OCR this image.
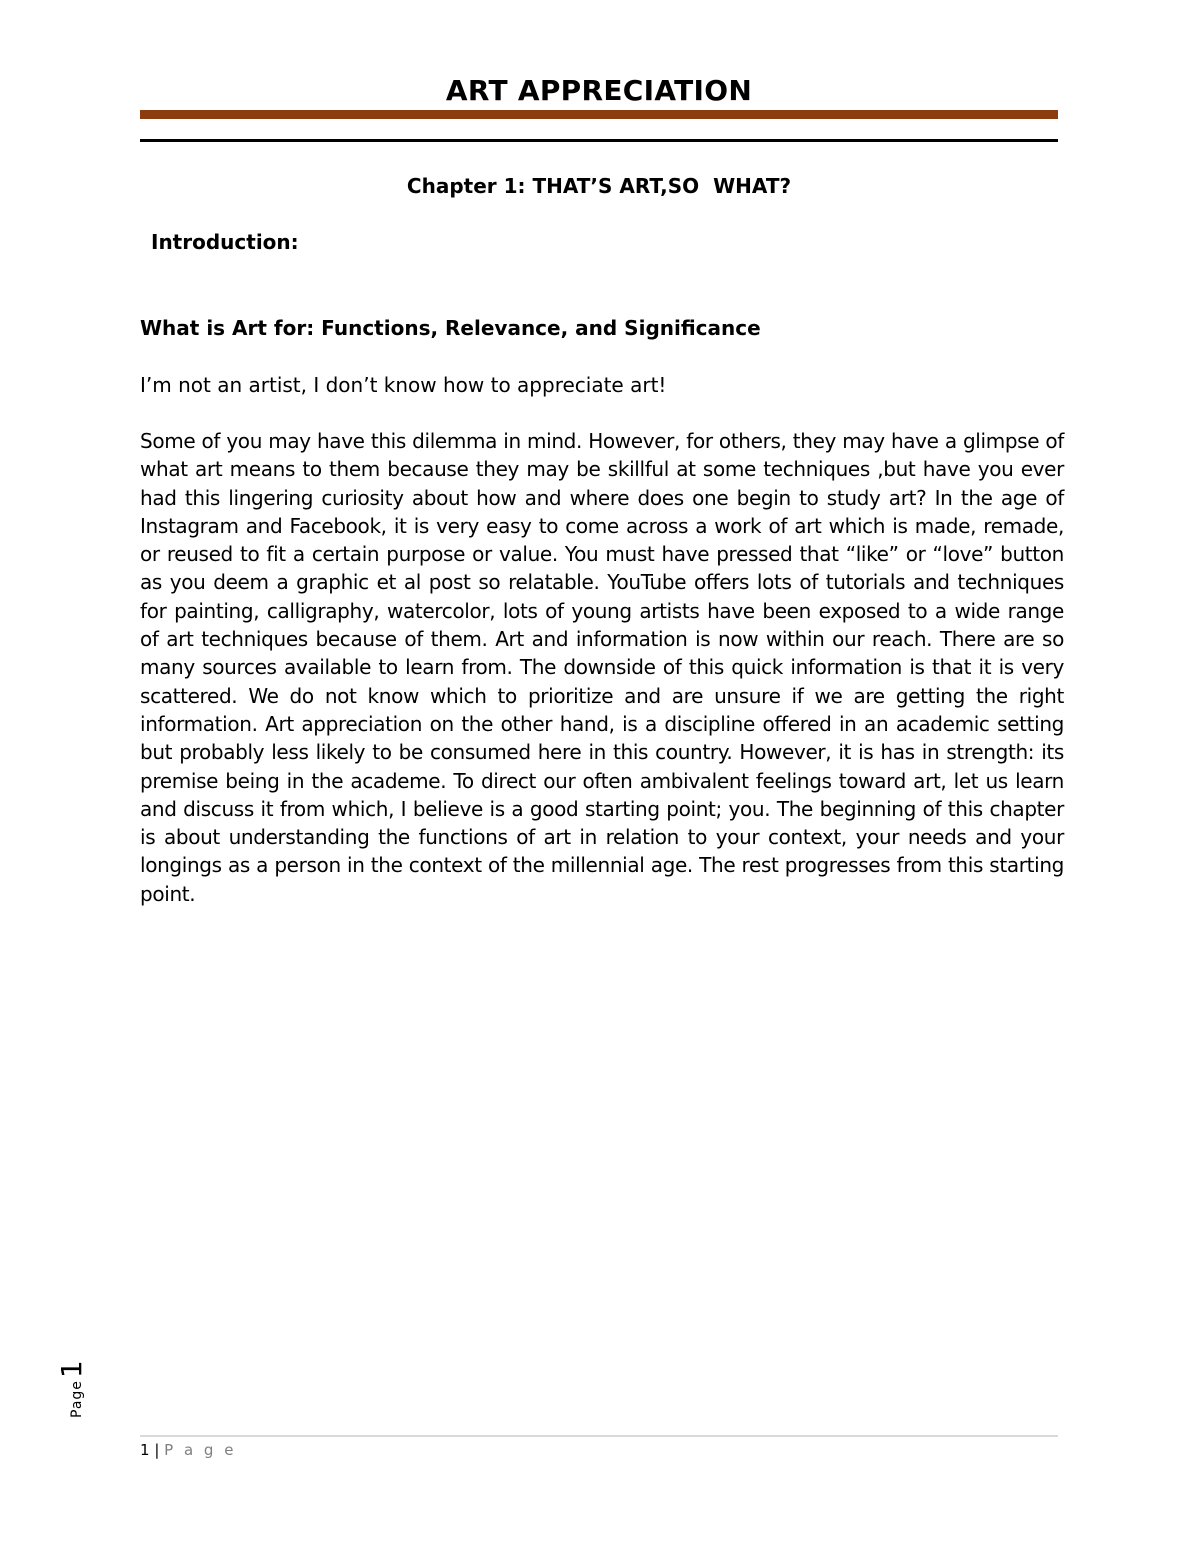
ART APPRECIATION
Chapter 1: THAT’S ART,SO  WHAT?
Introduction:
What is Art for: Functions, Relevance, and Significance
I’m not an artist, I don’t know how to appreciate art!

Some of you may have this dilemma in mind. However, for others, they may have a glimpse of what art means to them because they may be skillful at some techniques ,but have you ever had this lingering curiosity about how and where does one begin to study art? In the age of Instagram and Facebook, it is very easy to come across a work of art which is made, remade, or reused to fit a certain purpose or value. You must have pressed that “like” or “love” button as you deem a graphic et al post so relatable. YouTube offers lots of tutorials and techniques for painting, calligraphy, watercolor, lots of young artists have been exposed to a wide range of art techniques because of them. Art and information is now within our reach. There are so many sources available to learn from. The downside of this quick information is that it is very scattered. We do not know which to prioritize and are unsure if we are getting the right information. Art appreciation on the other hand, is a discipline offered in an academic setting but probably less likely to be consumed here in this country. However, it is has in strength: its premise being in the academe. To direct our often ambivalent feelings toward art, let us learn and discuss it from which, I believe is a good starting point; you. The beginning of this chapter is about understanding the functions of art in relation to your context, your needs and your longings as a person in the context of the millennial age. The rest progresses from this starting point.

Page
1
1 | P a g e
